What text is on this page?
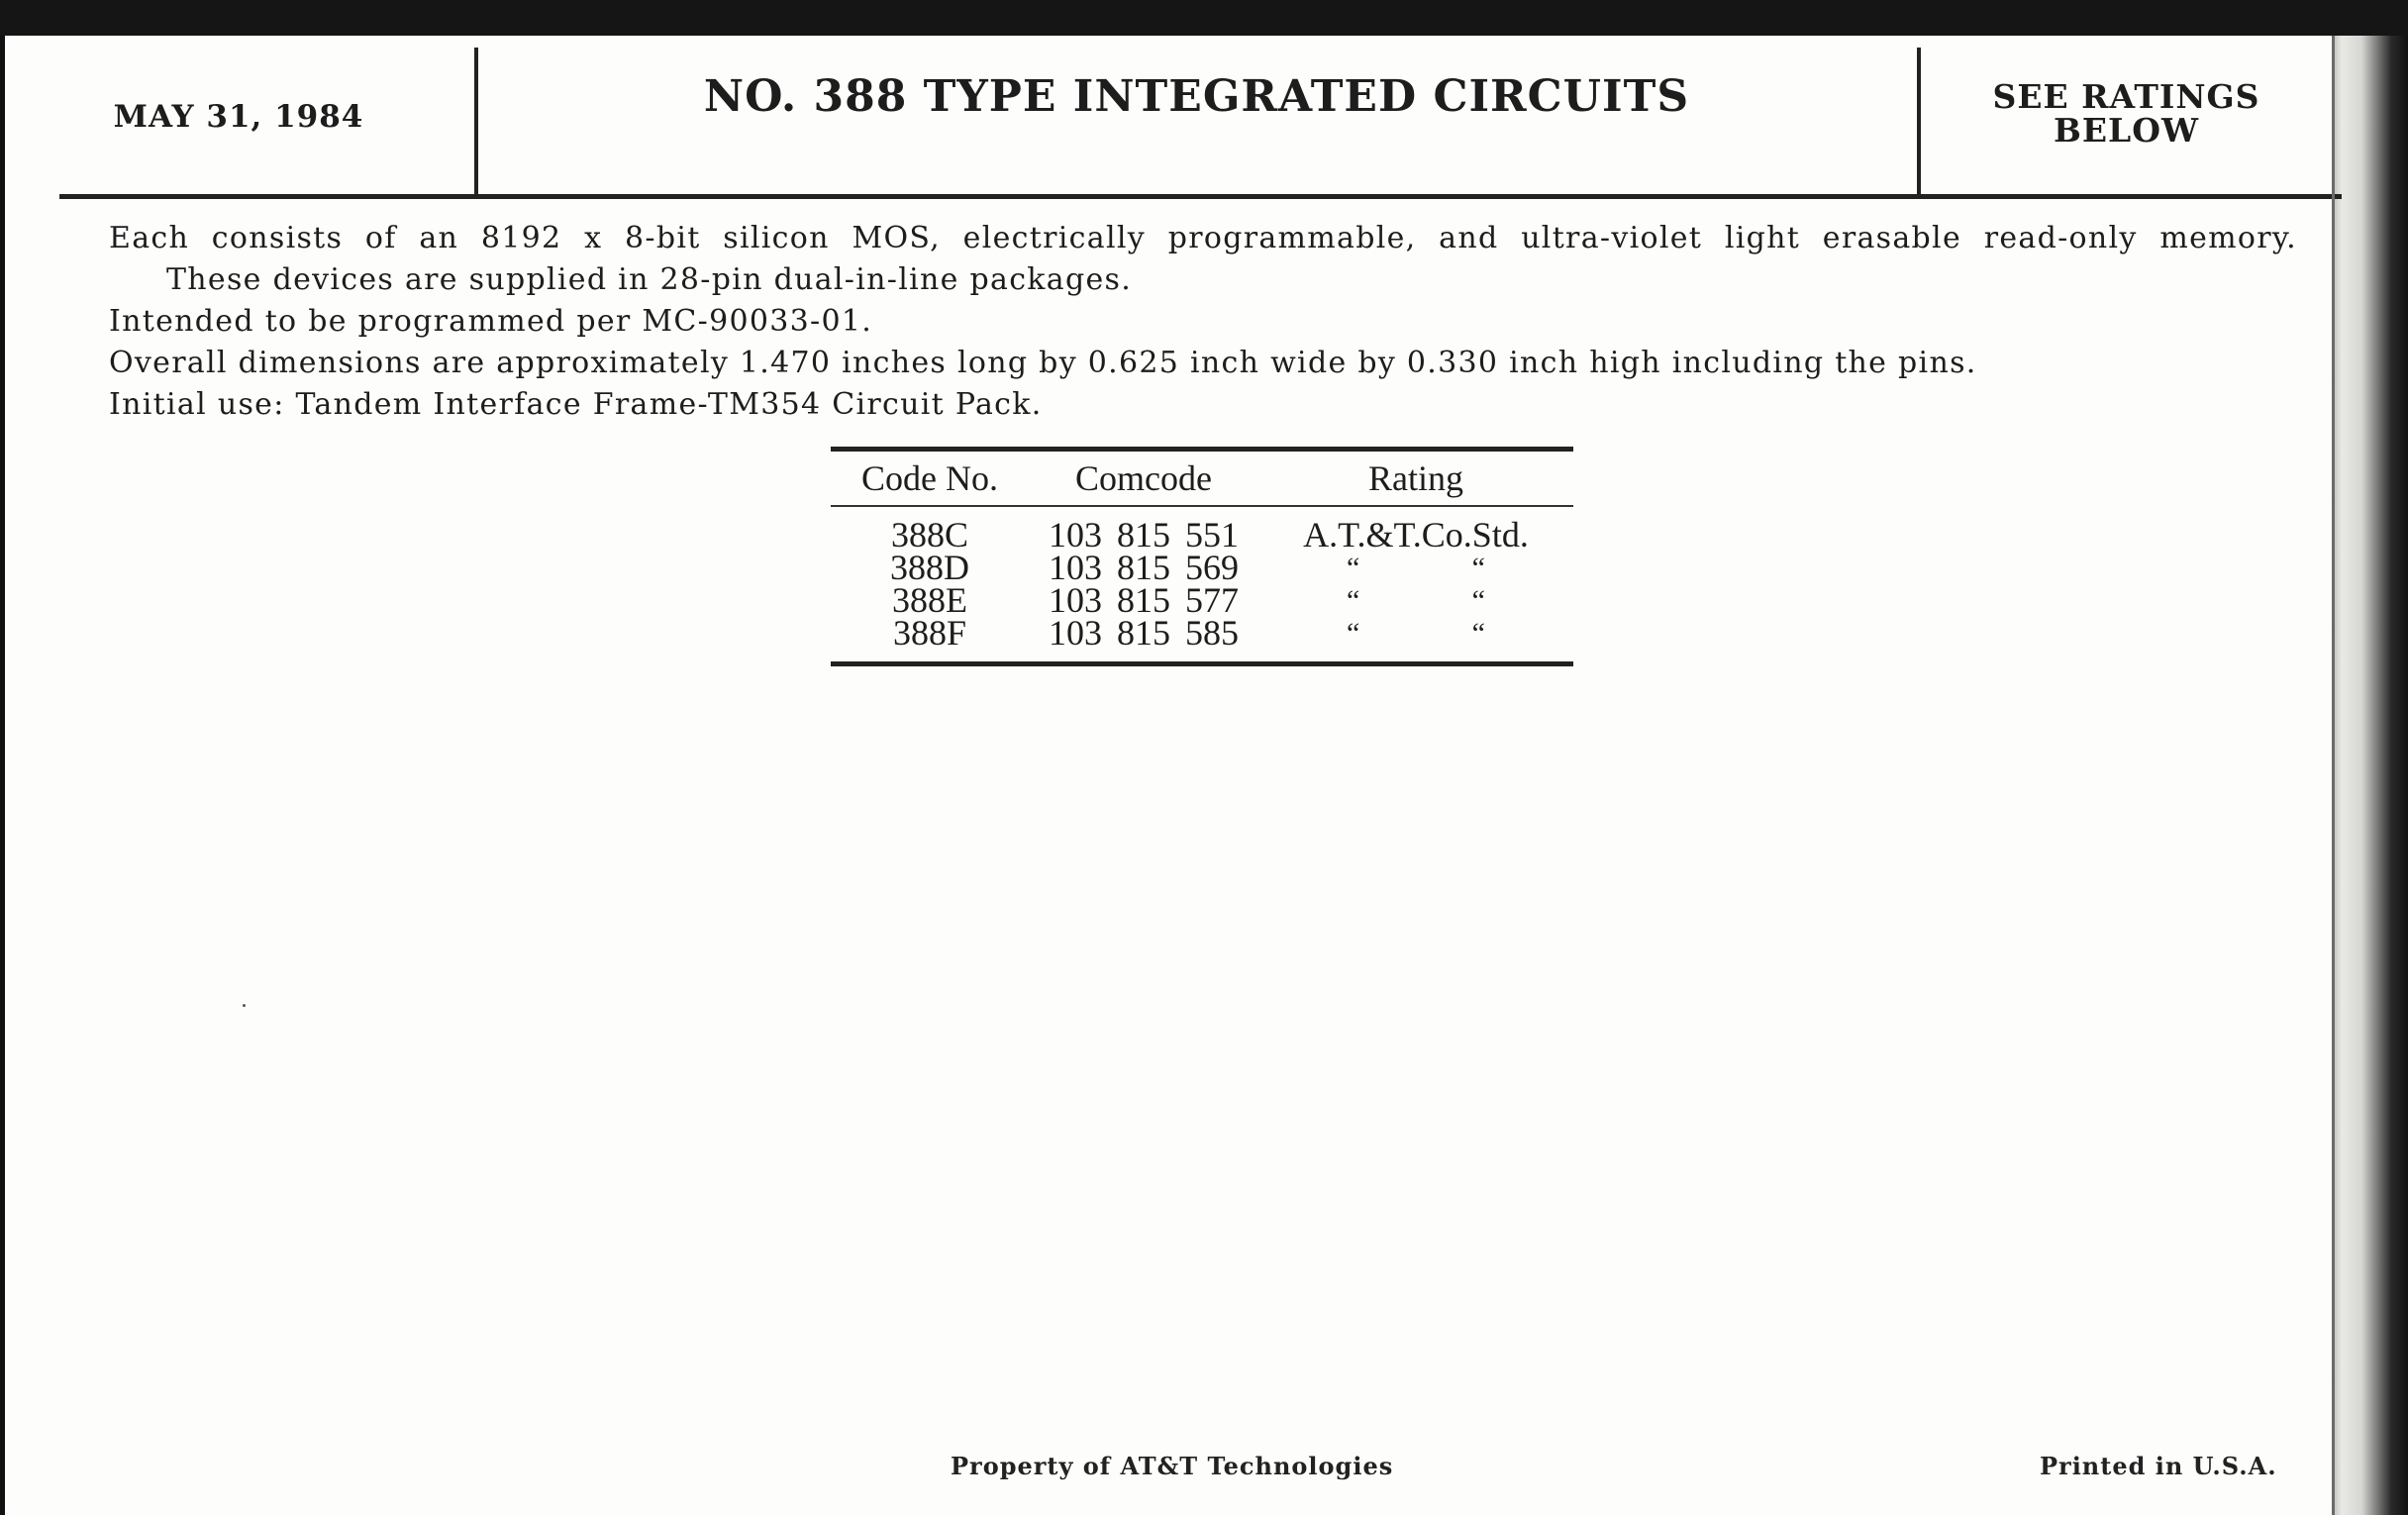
MAY 31, 1984	NO. 388 TYPE INTEGRATED CIRCUITS	SEE RATINGS
BELOW

Each consists of an 8192 x 8-bit silicon MOS, electrically programmable, and ultra-violet light erasable read-only memory.

These devices are supplied in 28-pin dual-in-line packages.

Intended to be programmed per MC-90033-01.

Overall dimensions are approximately 1.470 inches long by 0.625 inch wide by 0.330 inch high including the pins.

Initial use: Tandem Interface Frame-TM354 Circuit Pack.

Code No.	Comcode	Rating
388C	103 815 551	A.T.&T.Co.Std.
388D	103 815 569	“	“
388E	103 815 577	“	“
388F	103 815 585	“	“
Property of AT&T Technologies	Printed in U.S.A.
